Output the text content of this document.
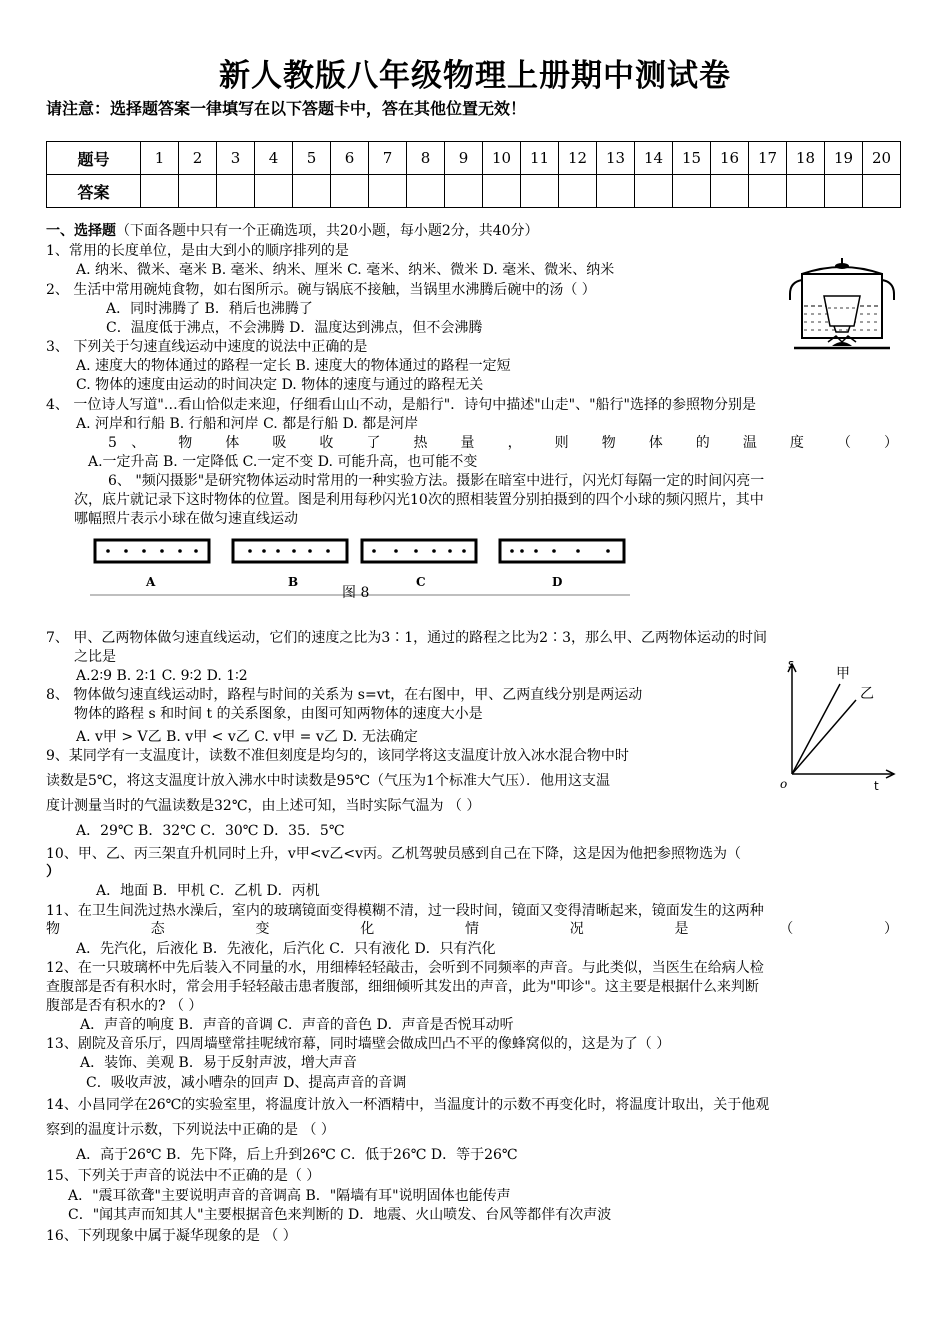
新人教版八年级物理上册期中测试卷
请注意：选择题答案一律填写在以下答题卡中，答在其他位置无效！
题号	1	2	3	4	5	6	7	8	9	10	11	12	13	14	15	16	17	18	19	20
答案																				
一、选择题（下面各题中只有一个正确选项，共20小题，每小题2分，共40分）
1、常用的长度单位，是由大到小的顺序排列的是
A. 纳米、微米、毫米 B. 毫米、纳米、厘米 C. 毫米、纳米、微米 D. 毫米、微米、纳米
2、 生活中常用碗炖食物，如右图所示。碗与锅底不接触，当锅里水沸腾后碗中的汤（ ）
A．同时沸腾了 B．稍后也沸腾了
C．温度低于沸点，不会沸腾 D．温度达到沸点，但不会沸腾
3、 下列关于匀速直线运动中速度的说法中正确的是
A. 速度大的物体通过的路程一定长 B. 速度大的物体通过的路程一定短
C. 物体的速度由运动的时间决定 D. 物体的速度与通过的路程无关
4、 一位诗人写道"…看山恰似走来迎，仔细看山山不动，是船行"．诗句中描述"山走"、"船行"选择的参照物分别是
A. 河岸和行船 B. 行船和河岸 C. 都是行船 D. 都是河岸
5、 物 体 吸 收 了 热 量 ， 则 物 体 的 温 度 （ ）
A.一定升高 B. 一定降低 C.一定不变 D. 可能升高，也可能不变
6、 "频闪摄影"是研究物体运动时常用的一种实验方法。摄影在暗室中进行，闪光灯每隔一定的时间闪亮一
次，底片就记录下这时物体的位置。图是利用每秒闪光10次的照相装置分别拍摄到的四个小球的频闪照片，其中
哪幅照片表示小球在做匀速直线运动
A	B	C	D
图 8
7、 甲、乙两物体做匀速直线运动，它们的速度之比为3∶1，通过的路程之比为2∶3，那么甲、乙两物体运动的时间
之比是
A.2∶9 B. 2∶1 C. 9∶2 D. 1∶2
8、 物体做匀速直线运动时，路程与时间的关系为 s=vt，在右图中，甲、乙两直线分别是两运动
物体的路程 s 和时间 t 的关系图象，由图可知两物体的速度大小是
A. v甲 > V乙 B. v甲 < v乙 C. v甲 = v乙 D. 无法确定
s
o	t
甲
乙
9、某同学有一支温度计，读数不准但刻度是均匀的，该同学将这支温度计放入冰水混合物中时
读数是5℃，将这支温度计放入沸水中时读数是95℃（气压为1个标准大气压）．他用这支温
度计测量当时的气温读数是32℃，由上述可知，当时实际气温为 （ ）
A．29℃ B．32℃ C．30℃ D．35．5℃
10、甲、乙、丙三架直升机同时上升，v甲<v乙<v丙。乙机驾驶员感到自己在下降，这是因为他把参照物选为（
）
A．地面 B．甲机 C．乙机 D．丙机
11、在卫生间洗过热水澡后，室内的玻璃镜面变得模糊不清，过一段时间，镜面又变得清晰起来，镜面发生的这两种
物 态 变 化 情 况 是 （ ）
A．先汽化，后液化 B．先液化，后汽化 C．只有液化 D．只有汽化
12、在一只玻璃杯中先后装入不同量的水，用细棒轻轻敲击，会听到不同频率的声音。与此类似，当医生在给病人检
查腹部是否有积水时，常会用手轻轻敲击患者腹部，细细倾听其发出的声音，此为"叩诊"。这主要是根据什么来判断
腹部是否有积水的? （ ）
A．声音的响度 B．声音的音调 C．声音的音色 D．声音是否悦耳动听
13、剧院及音乐厅，四周墙壁常挂呢绒帘幕，同时墙壁会做成凹凸不平的像蜂窝似的，这是为了（ ）
A．装饰、美观 B．易于反射声波，增大声音
C．吸收声波，减小嘈杂的回声 D、提高声音的音调
14、小昌同学在26℃的实验室里，将温度计放入一杯酒精中，当温度计的示数不再变化时，将温度计取出，关于他观
察到的温度计示数，下列说法中正确的是 （ ）
A．高于26℃ B．先下降，后上升到26℃ C．低于26℃ D．等于26℃
15、下列关于声音的说法中不正确的是（ ）
A．"震耳欲聋"主要说明声音的音调高 B．"隔墙有耳"说明固体也能传声
C．"闻其声而知其人"主要根据音色来判断的 D．地震、火山喷发、台风等都伴有次声波
16、下列现象中属于凝华现象的是 （ ）
